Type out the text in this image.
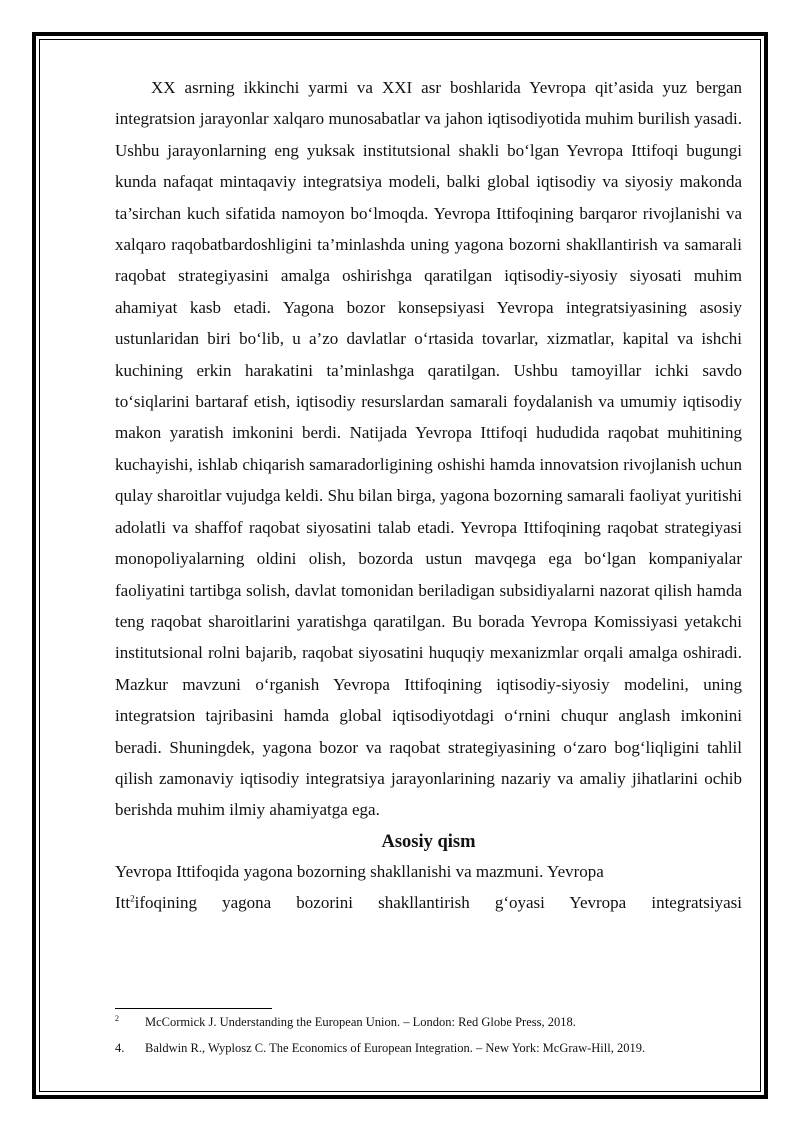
XX asrning ikkinchi yarmi va XXI asr boshlarida Yevropa qit’asida yuz bergan integratsion jarayonlar xalqaro munosabatlar va jahon iqtisodiyotida muhim burilish yasadi. Ushbu jarayonlarning eng yuksak institutsional shakli bo‘lgan Yevropa Ittifoqi bugungi kunda nafaqat mintaqaviy integratsiya modeli, balki global iqtisodiy va siyosiy makonda ta’sirchan kuch sifatida namoyon bo‘lmoqda. Yevropa Ittifoqining barqaror rivojlanishi va xalqaro raqobatbardoshligini ta’minlashda uning yagona bozorni shakllantirish va samarali raqobat strategiyasini amalga oshirishga qaratilgan iqtisodiy-siyosiy siyosati muhim ahamiyat kasb etadi. Yagona bozor konsepsiyasi Yevropa integratsiyasining asosiy ustunlaridan biri bo‘lib, u a’zo davlatlar o‘rtasida tovarlar, xizmatlar, kapital va ishchi kuchining erkin harakatini ta’minlashga qaratilgan. Ushbu tamoyillar ichki savdo to‘siqlarini bartaraf etish, iqtisodiy resurslardan samarali foydalanish va umumiy iqtisodiy makon yaratish imkonini berdi. Natijada Yevropa Ittifoqi hududida raqobat muhitining kuchayishi, ishlab chiqarish samaradorligining oshishi hamda innovatsion rivojlanish uchun qulay sharoitlar vujudga keldi. Shu bilan birga, yagona bozorning samarali faoliyat yuritishi adolatli va shaffof raqobat siyosatini talab etadi. Yevropa Ittifoqining raqobat strategiyasi monopoliyalarning oldini olish, bozorda ustun mavqega ega bo‘lgan kompaniyalar faoliyatini tartibga solish, davlat tomonidan beriladigan subsidiyalarni nazorat qilish hamda teng raqobat sharoitlarini yaratishga qaratilgan. Bu borada Yevropa Komissiyasi yetakchi institutsional rolni bajarib, raqobat siyosatini huquqiy mexanizmlar orqali amalga oshiradi. Mazkur mavzuni o‘rganish Yevropa Ittifoqining iqtisodiy-siyosiy modelini, uning integratsion tajribasini hamda global iqtisodiyotdagi o‘rnini chuqur anglash imkonini beradi. Shuningdek, yagona bozor va raqobat strategiyasining o‘zaro bog‘liqligini tahlil qilish zamonaviy iqtisodiy integratsiya jarayonlarining nazariy va amaliy jihatlarini ochib berishda muhim ilmiy ahamiyatga ega.

Asosiy qism

Yevropa Ittifoqida yagona bozorning shakllanishi va mazmuni. Yevropa

Itt$^2$ifoqining yagona bozorini shakllantirish g‘oyasi Yevropa integratsiyasi

2	McCormick J. Understanding the European Union. – London: Red Globe Press, 2018.

4.	Baldwin R., Wyplosz C. The Economics of European Integration. – New York: McGraw-Hill, 2019.
